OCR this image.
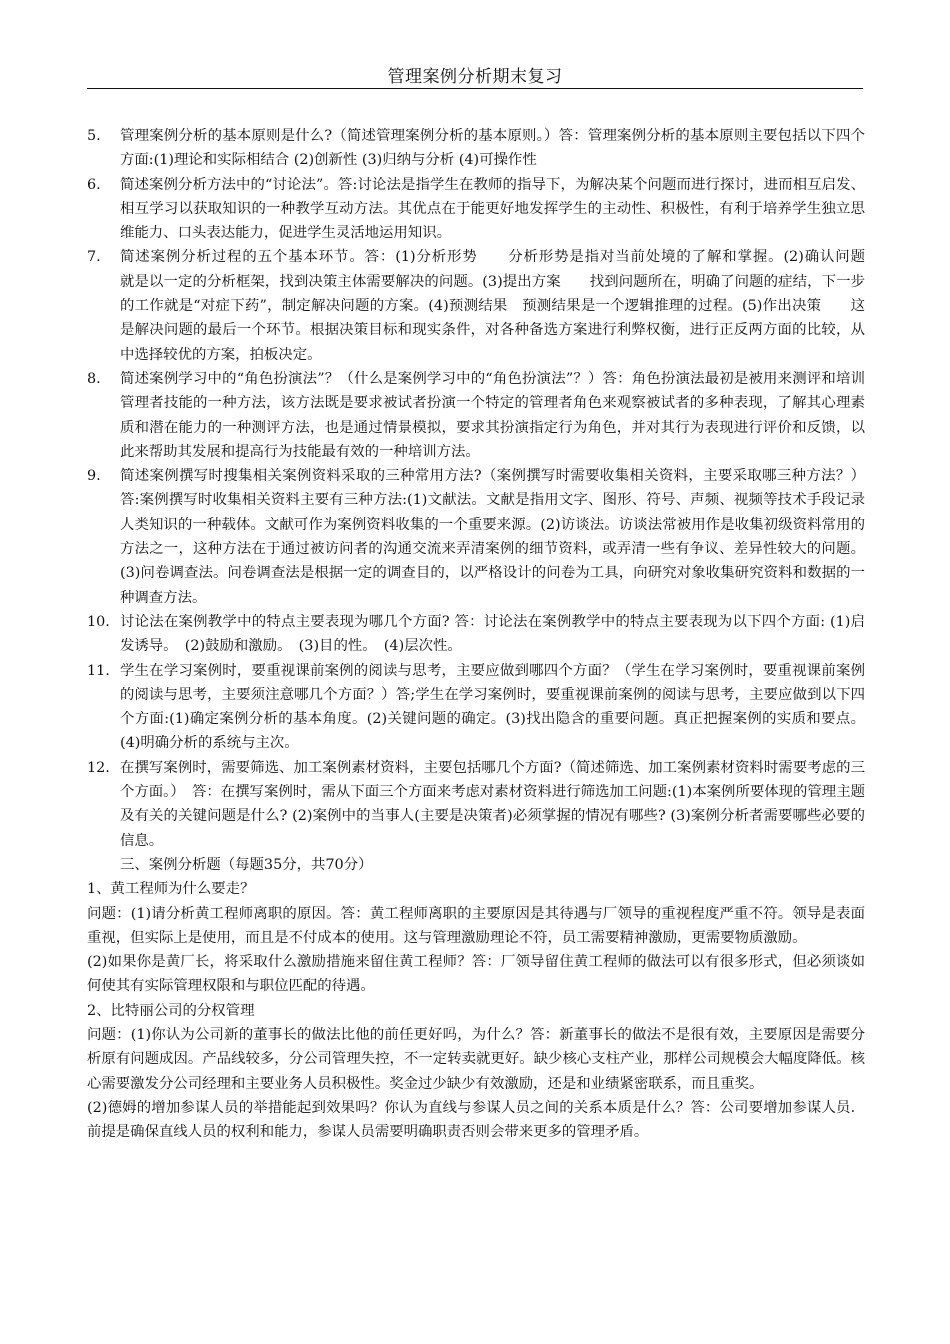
管理案例分析期末复习
5.	管理案例分析的基本原则是什么?（简述管理案例分析的基本原则。）答：管理案例分析的基本原则主要包括以下四个方面:(1)理论和实际相结合 (2)创新性 (3)归纳与分析 (4)可操作性
6.	简述案例分析方法中的“讨论法”。答:讨论法是指学生在教师的指导下，为解决某个问题而进行探讨，进而相互启发、相互学习以获取知识的一种教学互动方法。其优点在于能更好地发挥学生的主动性、积极性，有利于培养学生独立思维能力、口头表达能力，促进学生灵活地运用知识。
7.	简述案例分析过程的五个基本环节。答：(1)分析形势　　分析形势是指对当前处境的了解和掌握。(2)确认问题　　就是以一定的分析框架，找到决策主体需要解决的问题。(3)提出方案　　找到问题所在，明确了问题的症结，下一步的工作就是“对症下药”，制定解决问题的方案。(4)预测结果　预测结果是一个逻辑推理的过程。(5)作出决策　　这是解决问题的最后一个环节。根据决策目标和现实条件，对各种备选方案进行利弊权衡，进行正反两方面的比较，从中选择较优的方案，拍板决定。
8.	简述案例学习中的“角色扮演法”？（什么是案例学习中的“角色扮演法”？）答：角色扮演法最初是被用来测评和培训管理者技能的一种方法，该方法既是要求被试者扮演一个特定的管理者角色来观察被试者的多种表现，了解其心理素质和潜在能力的一种测评方法，也是通过情景模拟，要求其扮演指定行为角色，并对其行为表现进行评价和反馈，以此来帮助其发展和提高行为技能最有效的一种培训方法。
9.	简述案例撰写时搜集相关案例资料采取的三种常用方法?（案例撰写时需要收集相关资料，主要采取哪三种方法？）答:案例撰写时收集相关资料主要有三种方法:(1)文献法。文献是指用文字、图形、符号、声频、视频等技术手段记录人类知识的一种载体。文献可作为案例资料收集的一个重要来源。(2)访谈法。访谈法常被用作是收集初级资料常用的方法之一，这种方法在于通过被访问者的沟通交流来弄清案例的细节资料，或弄清一些有争议、差异性较大的问题。(3)问卷调查法。问卷调查法是根据一定的调查目的，以严格设计的问卷为工具，向研究对象收集研究资料和数据的一种调查方法。
10. 讨论法在案例教学中的特点主要表现为哪几个方面? 答：讨论法在案例教学中的特点主要表现为以下四个方面: (1)启发诱导。　(2)鼓励和激励。　(3)目的性。　(4)层次性。
11. 学生在学习案例时，要重视课前案例的阅读与思考，主要应做到哪四个方面？（学生在学习案例时，要重视课前案例的阅读与思考，主要须注意哪几个方面？）答;学生在学习案例时，要重视课前案例的阅读与思考，主要应做到以下四个方面:(1)确定案例分析的基本角度。(2)关键问题的确定。(3)找出隐含的重要问题。真正把握案例的实质和要点。(4)明确分析的系统与主次。
12. 在撰写案例时，需要筛选、加工案例素材资料，主要包括哪几个方面?（简述筛选、加工案例素材资料时需要考虑的三个方面。）　答：在撰写案例时，需从下面三个方面来考虑对素材资料进行筛选加工问题:(1)本案例所要体现的管理主题及有关的关键问题是什么? (2)案例中的当事人(主要是决策者)必须掌握的情况有哪些? (3)案例分析者需要哪些必要的信息。

三、案例分析题（每题35分，共70分）

1、黄工程师为什么要走？

问题：(1)请分析黄工程师离职的原因。答：黄工程师离职的主要原因是其待遇与厂领导的重视程度严重不符。领导是表面重视，但实际上是使用，而且是不付成本的使用。这与管理激励理论不符，员工需要精神激励，更需要物质激励。

(2)如果你是黄厂长，将采取什么激励措施来留住黄工程师？答：厂领导留住黄工程师的做法可以有很多形式，但必须谈如何使其有实际管理权限和与职位匹配的待遇。

2、比特丽公司的分权管理

问题：(1)你认为公司新的董事长的做法比他的前任更好吗，为什么？答：新董事长的做法不是很有效，主要原因是需要分析原有问题成因。产品线较多，分公司管理失控，不一定转卖就更好。缺少核心支柱产业，那样公司规模会大幅度降低。核心需要激发分公司经理和主要业务人员积极性。奖金过少缺少有效激励，还是和业绩紧密联系，而且重奖。

(2)德姆的增加参谋人员的举措能起到效果吗？你认为直线与参谋人员之间的关系本质是什么？答：公司要增加参谋人员．前提是确保直线人员的权利和能力，参谋人员需要明确职责否则会带来更多的管理矛盾。
